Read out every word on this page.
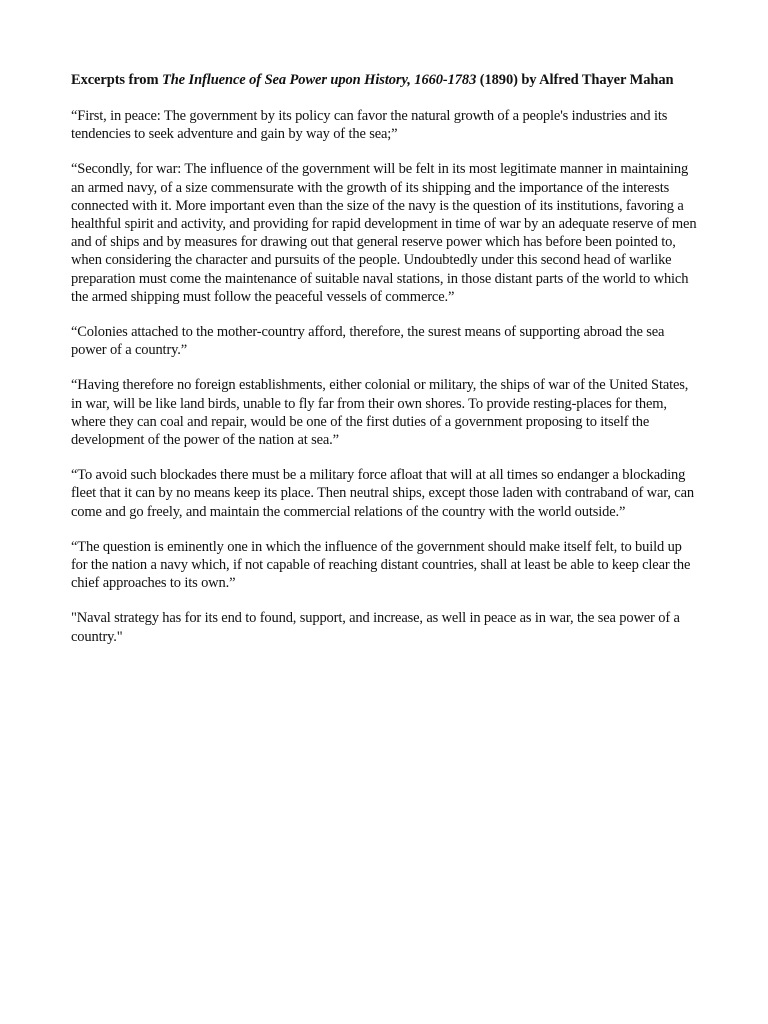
Excerpts from The Influence of Sea Power upon History, 1660-1783 (1890) by Alfred Thayer Mahan

“First, in peace: The government by its policy can favor the natural growth of a people's industries and its tendencies to seek adventure and gain by way of the sea;”

“Secondly, for war: The influence of the government will be felt in its most legitimate manner in maintaining an armed navy, of a size commensurate with the growth of its shipping and the importance of the interests connected with it. More important even than the size of the navy is the question of its institutions, favoring a healthful spirit and activity, and providing for rapid development in time of war by an adequate reserve of men and of ships and by measures for drawing out that general reserve power which has before been pointed to, when considering the character and pursuits of the people. Undoubtedly under this second head of warlike preparation must come the maintenance of suitable naval stations, in those distant parts of the world to which the armed shipping must follow the peaceful vessels of commerce.”

“Colonies attached to the mother-country afford, therefore, the surest means of supporting abroad the sea power of a country.”

“Having therefore no foreign establishments, either colonial or military, the ships of war of the United States, in war, will be like land birds, unable to fly far from their own shores. To provide resting-places for them, where they can coal and repair, would be one of the first duties of a government proposing to itself the development of the power of the nation at sea.”

“To avoid such blockades there must be a military force afloat that will at all times so endanger a blockading fleet that it can by no means keep its place. Then neutral ships, except those laden with contraband of war, can come and go freely, and maintain the commercial relations of the country with the world outside.”

“The question is eminently one in which the influence of the government should make itself felt, to build up for the nation a navy which, if not capable of reaching distant countries, shall at least be able to keep clear the chief approaches to its own.”

"Naval strategy has for its end to found, support, and increase, as well in peace as in war, the sea power of a country."
